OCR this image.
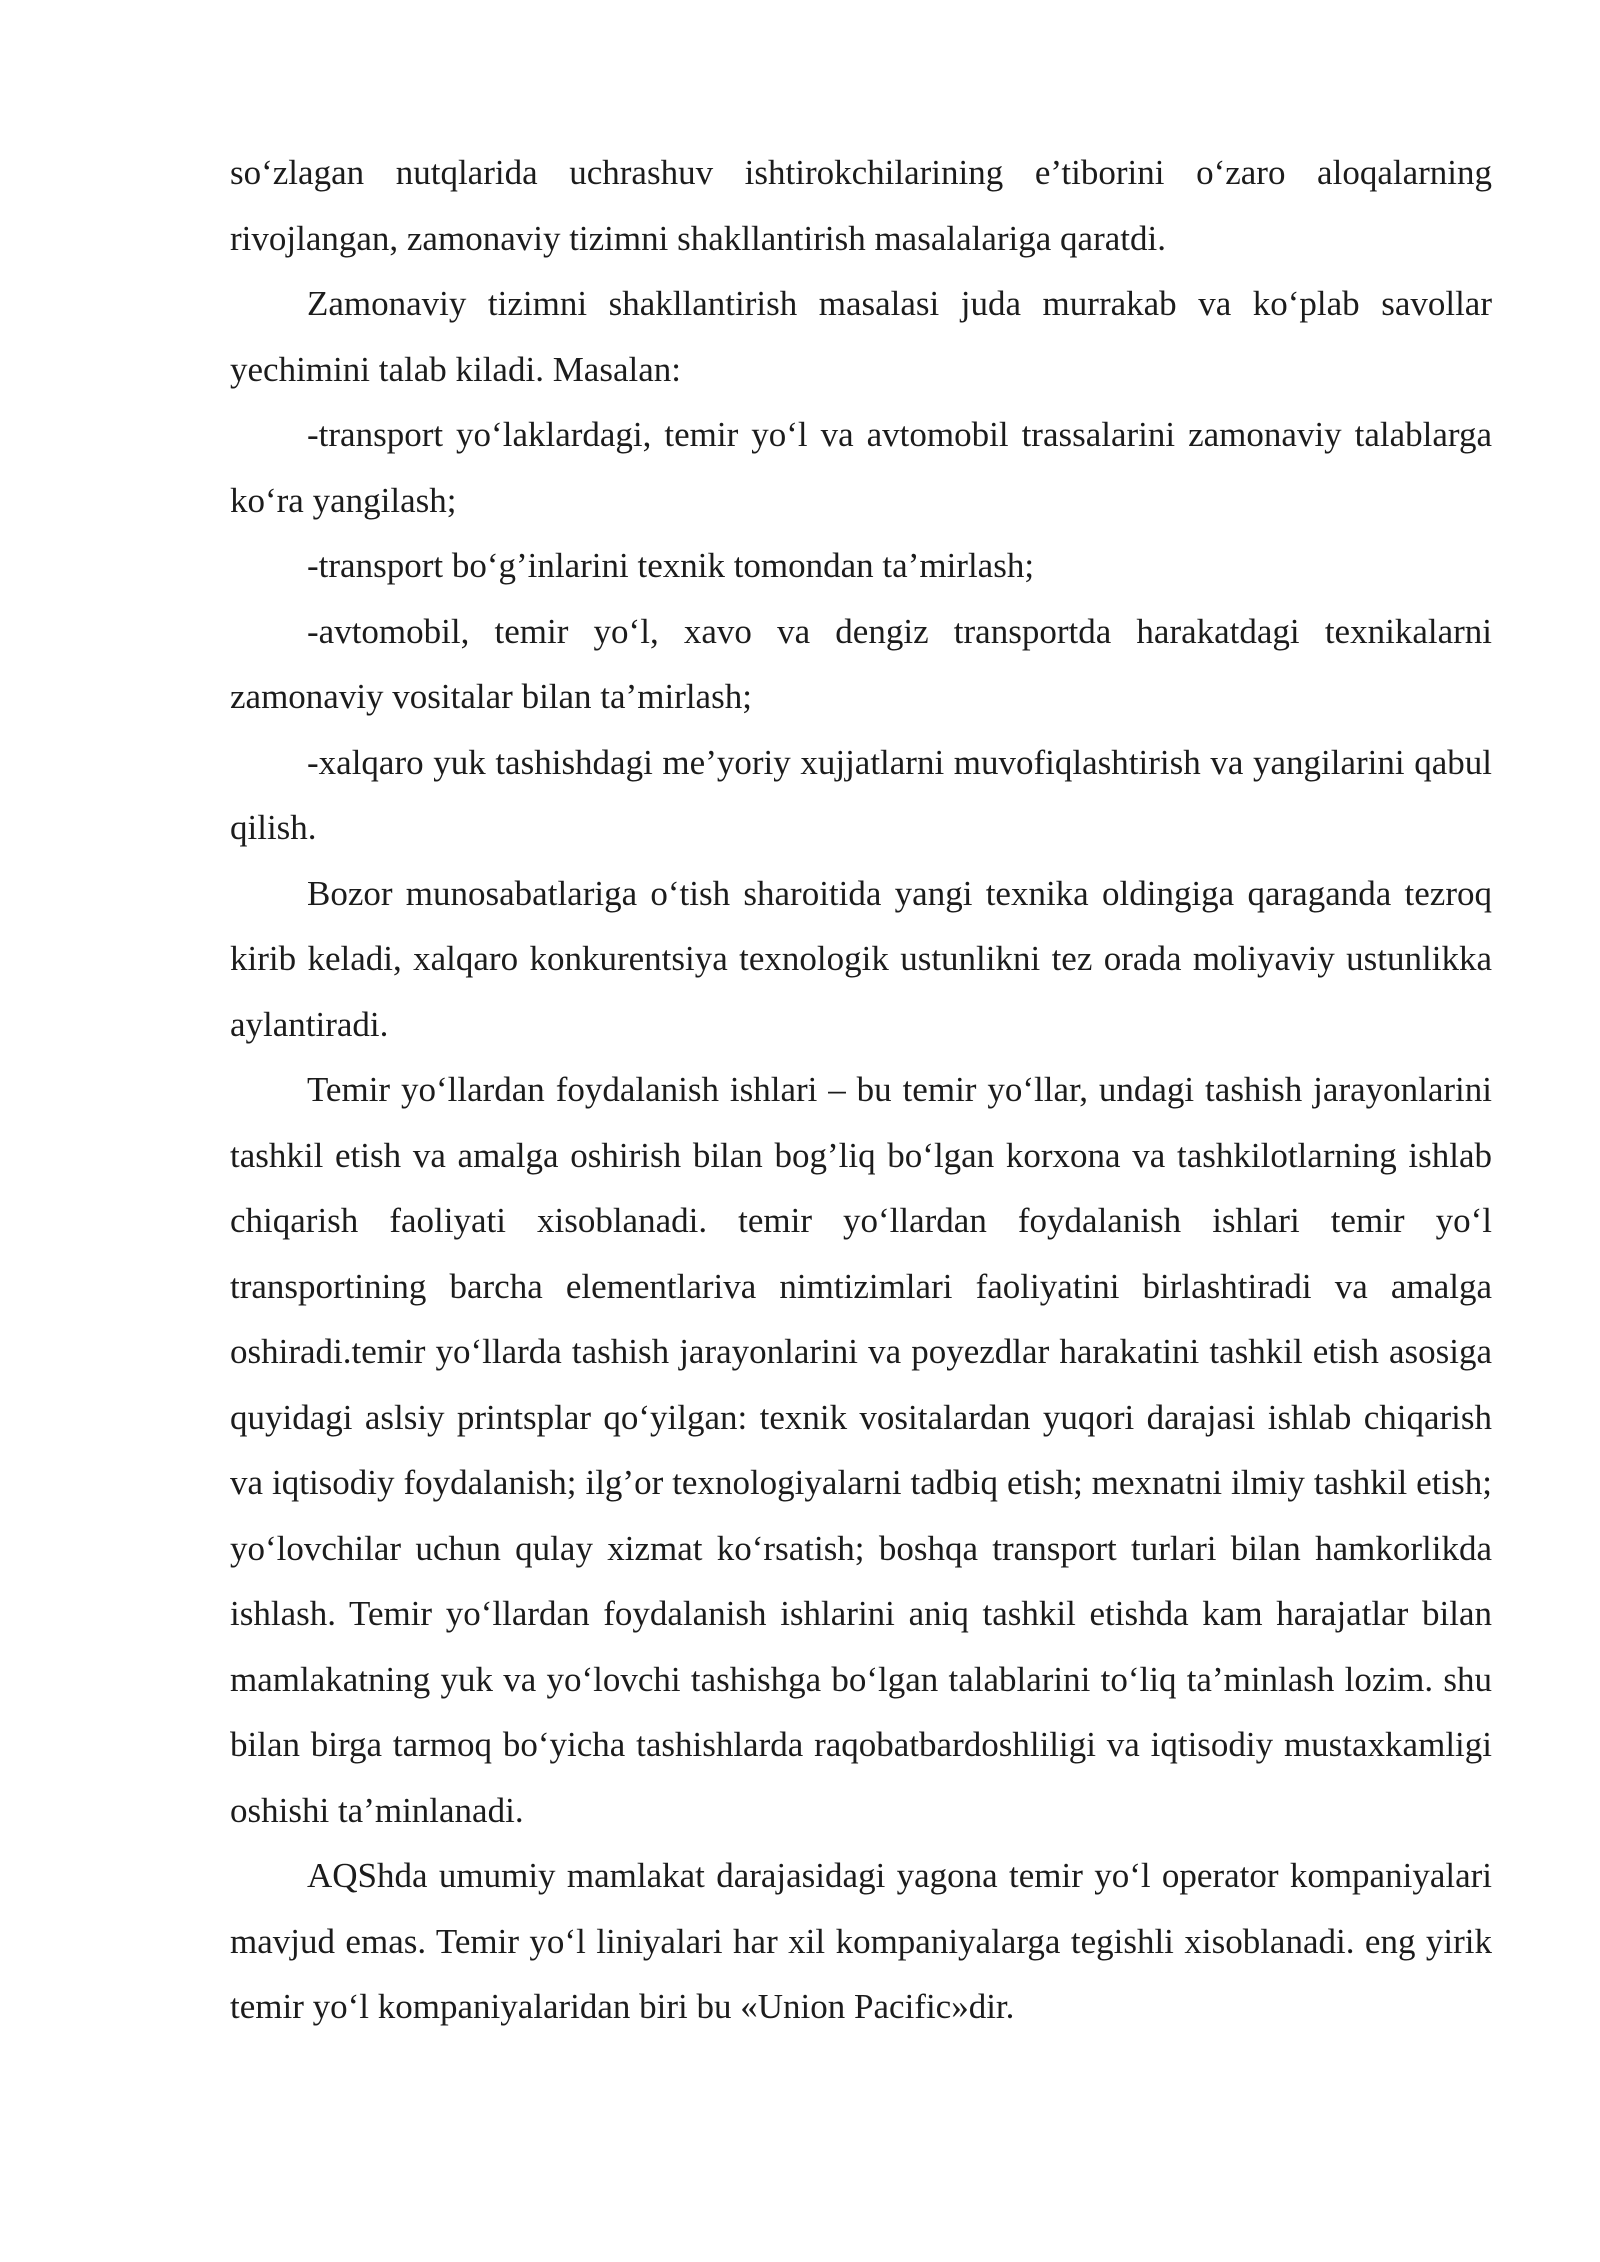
so‘zlagan nutqlarida uchrashuv ishtirokchilarining e’tiborini o‘zaro aloqalarning rivojlangan, zamonaviy tizimni shakllantirish masalalariga qaratdi.

Zamonaviy tizimni shakllantirish masalasi juda murrakab va ko‘plab savollar yechimini talab kiladi. Masalan:

-transport yo‘laklardagi, temir yo‘l va avtomobil trassalarini zamonaviy talablarga ko‘ra yangilash;

-transport bo‘g’inlarini texnik tomondan ta’mirlash;

-avtomobil, temir yo‘l, xavo va dengiz transportda harakatdagi texnikalarni zamonaviy vositalar bilan ta’mirlash;

-xalqaro yuk tashishdagi me’yoriy xujjatlarni muvofiqlashtirish va yangilarini qabul qilish.

Bozor munosabatlariga o‘tish sharoitida yangi texnika oldingiga qaraganda tezroq kirib keladi, xalqaro konkurentsiya texnologik ustunlikni tez orada moliyaviy ustunlikka aylantiradi.

Temir yo‘llardan foydalanish ishlari – bu temir yo‘llar, undagi tashish jarayonlarini tashkil etish va amalga oshirish bilan bog’liq bo‘lgan korxona va tashkilotlarning ishlab chiqarish faoliyati xisoblanadi. temir yo‘llardan foydalanish ishlari temir yo‘l transportining barcha elementlariva nimtizimlari faoliyatini birlashtiradi va amalga oshiradi.temir yo‘llarda tashish jarayonlarini va poyezdlar harakatini tashkil etish asosiga quyidagi aslsiy printsplar qo‘yilgan: texnik vositalardan yuqori darajasi ishlab chiqarish va iqtisodiy foydalanish; ilg’or texnologiyalarni tadbiq etish; mexnatni ilmiy tashkil etish; yo‘lovchilar uchun qulay xizmat ko‘rsatish; boshqa transport turlari bilan hamkorlikda ishlash. Temir yo‘llardan foydalanish ishlarini aniq tashkil etishda kam harajatlar bilan mamlakatning yuk va yo‘lovchi tashishga bo‘lgan talablarini to‘liq ta’minlash lozim. shu bilan birga tarmoq bo‘yicha tashishlarda raqobatbardoshliligi va iqtisodiy mustaxkamligi oshishi ta’minlanadi.

AQShda umumiy mamlakat darajasidagi yagona temir yo‘l operator kompaniyalari mavjud emas. Temir yo‘l liniyalari har xil kompaniyalarga tegishli xisoblanadi. eng yirik temir yo‘l kompaniyalaridan biri bu «Union Pacific»dir.
